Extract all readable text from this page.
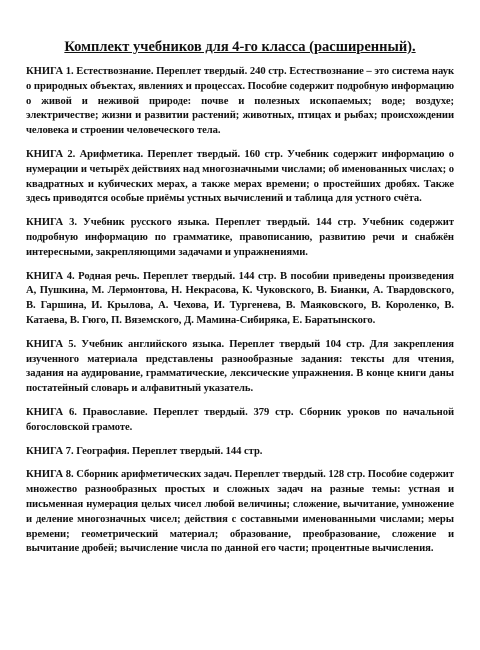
Комплект учебников для 4-го класса (расширенный).

КНИГА 1. Естествознание. Переплет твердый. 240 стр. Естествознание – это система наук о природных объектах, явлениях и процессах. Пособие содержит подробную информацию о живой и неживой природе: почве и полезных ископаемых; воде; воздухе; электричестве; жизни и развитии растений; животных, птицах и рыбах; происхождении человека и строении человеческого тела.

КНИГА 2. Арифметика. Переплет твердый. 160 стр. Учебник содержит информацию о нумерации и четырёх действиях над многозначными числами; об именованных числах; о квадратных и кубических мерах, а также мерах времени; о простейших дробях. Также здесь приводятся особые приёмы устных вычислений и таблица для устного счёта.

КНИГА 3. Учебник русского языка. Переплет твердый. 144 стр. Учебник содержит подробную информацию по грамматике, правописанию, развитию речи и снабжён интересными, закрепляющими задачами и упражнениями.

КНИГА 4. Родная речь. Переплет твердый. 144 стр. В пособии приведены произведения А, Пушкина, М. Лермонтова, Н. Некрасова, К. Чуковского, В. Бианки, А. Твардовского, В. Гаршина, И. Крылова, А. Чехова, И. Тургенева, В. Маяковского, В. Короленко, В. Катаева, В. Гюго, П. Вяземского, Д. Мамина-Сибиряка, Е. Баратынского.

КНИГА 5. Учебник английского языка. Переплет твердый 104 стр. Для закрепления изученного материала представлены разнообразные задания: тексты для чтения, задания на аудирование, грамматические, лексические упражнения. В конце книги даны постатейный словарь и алфавитный указатель.

КНИГА 6. Православие. Переплет твердый. 379 стр. Сборник уроков по начальной богословской грамоте.

КНИГА 7. География. Переплет твердый. 144 стр.

КНИГА 8. Сборник арифметических задач. Переплет твердый. 128 стр. Пособие содержит множество разнообразных простых и сложных задач на разные темы: устная и письменная нумерация целых чисел любой величины; сложение, вычитание, умножение и деление многозначных чисел; действия с составными именованными числами; меры времени; геометрический материал; образование, преобразование, сложение и вычитание дробей; вычисление числа по данной его части; процентные вычисления.
